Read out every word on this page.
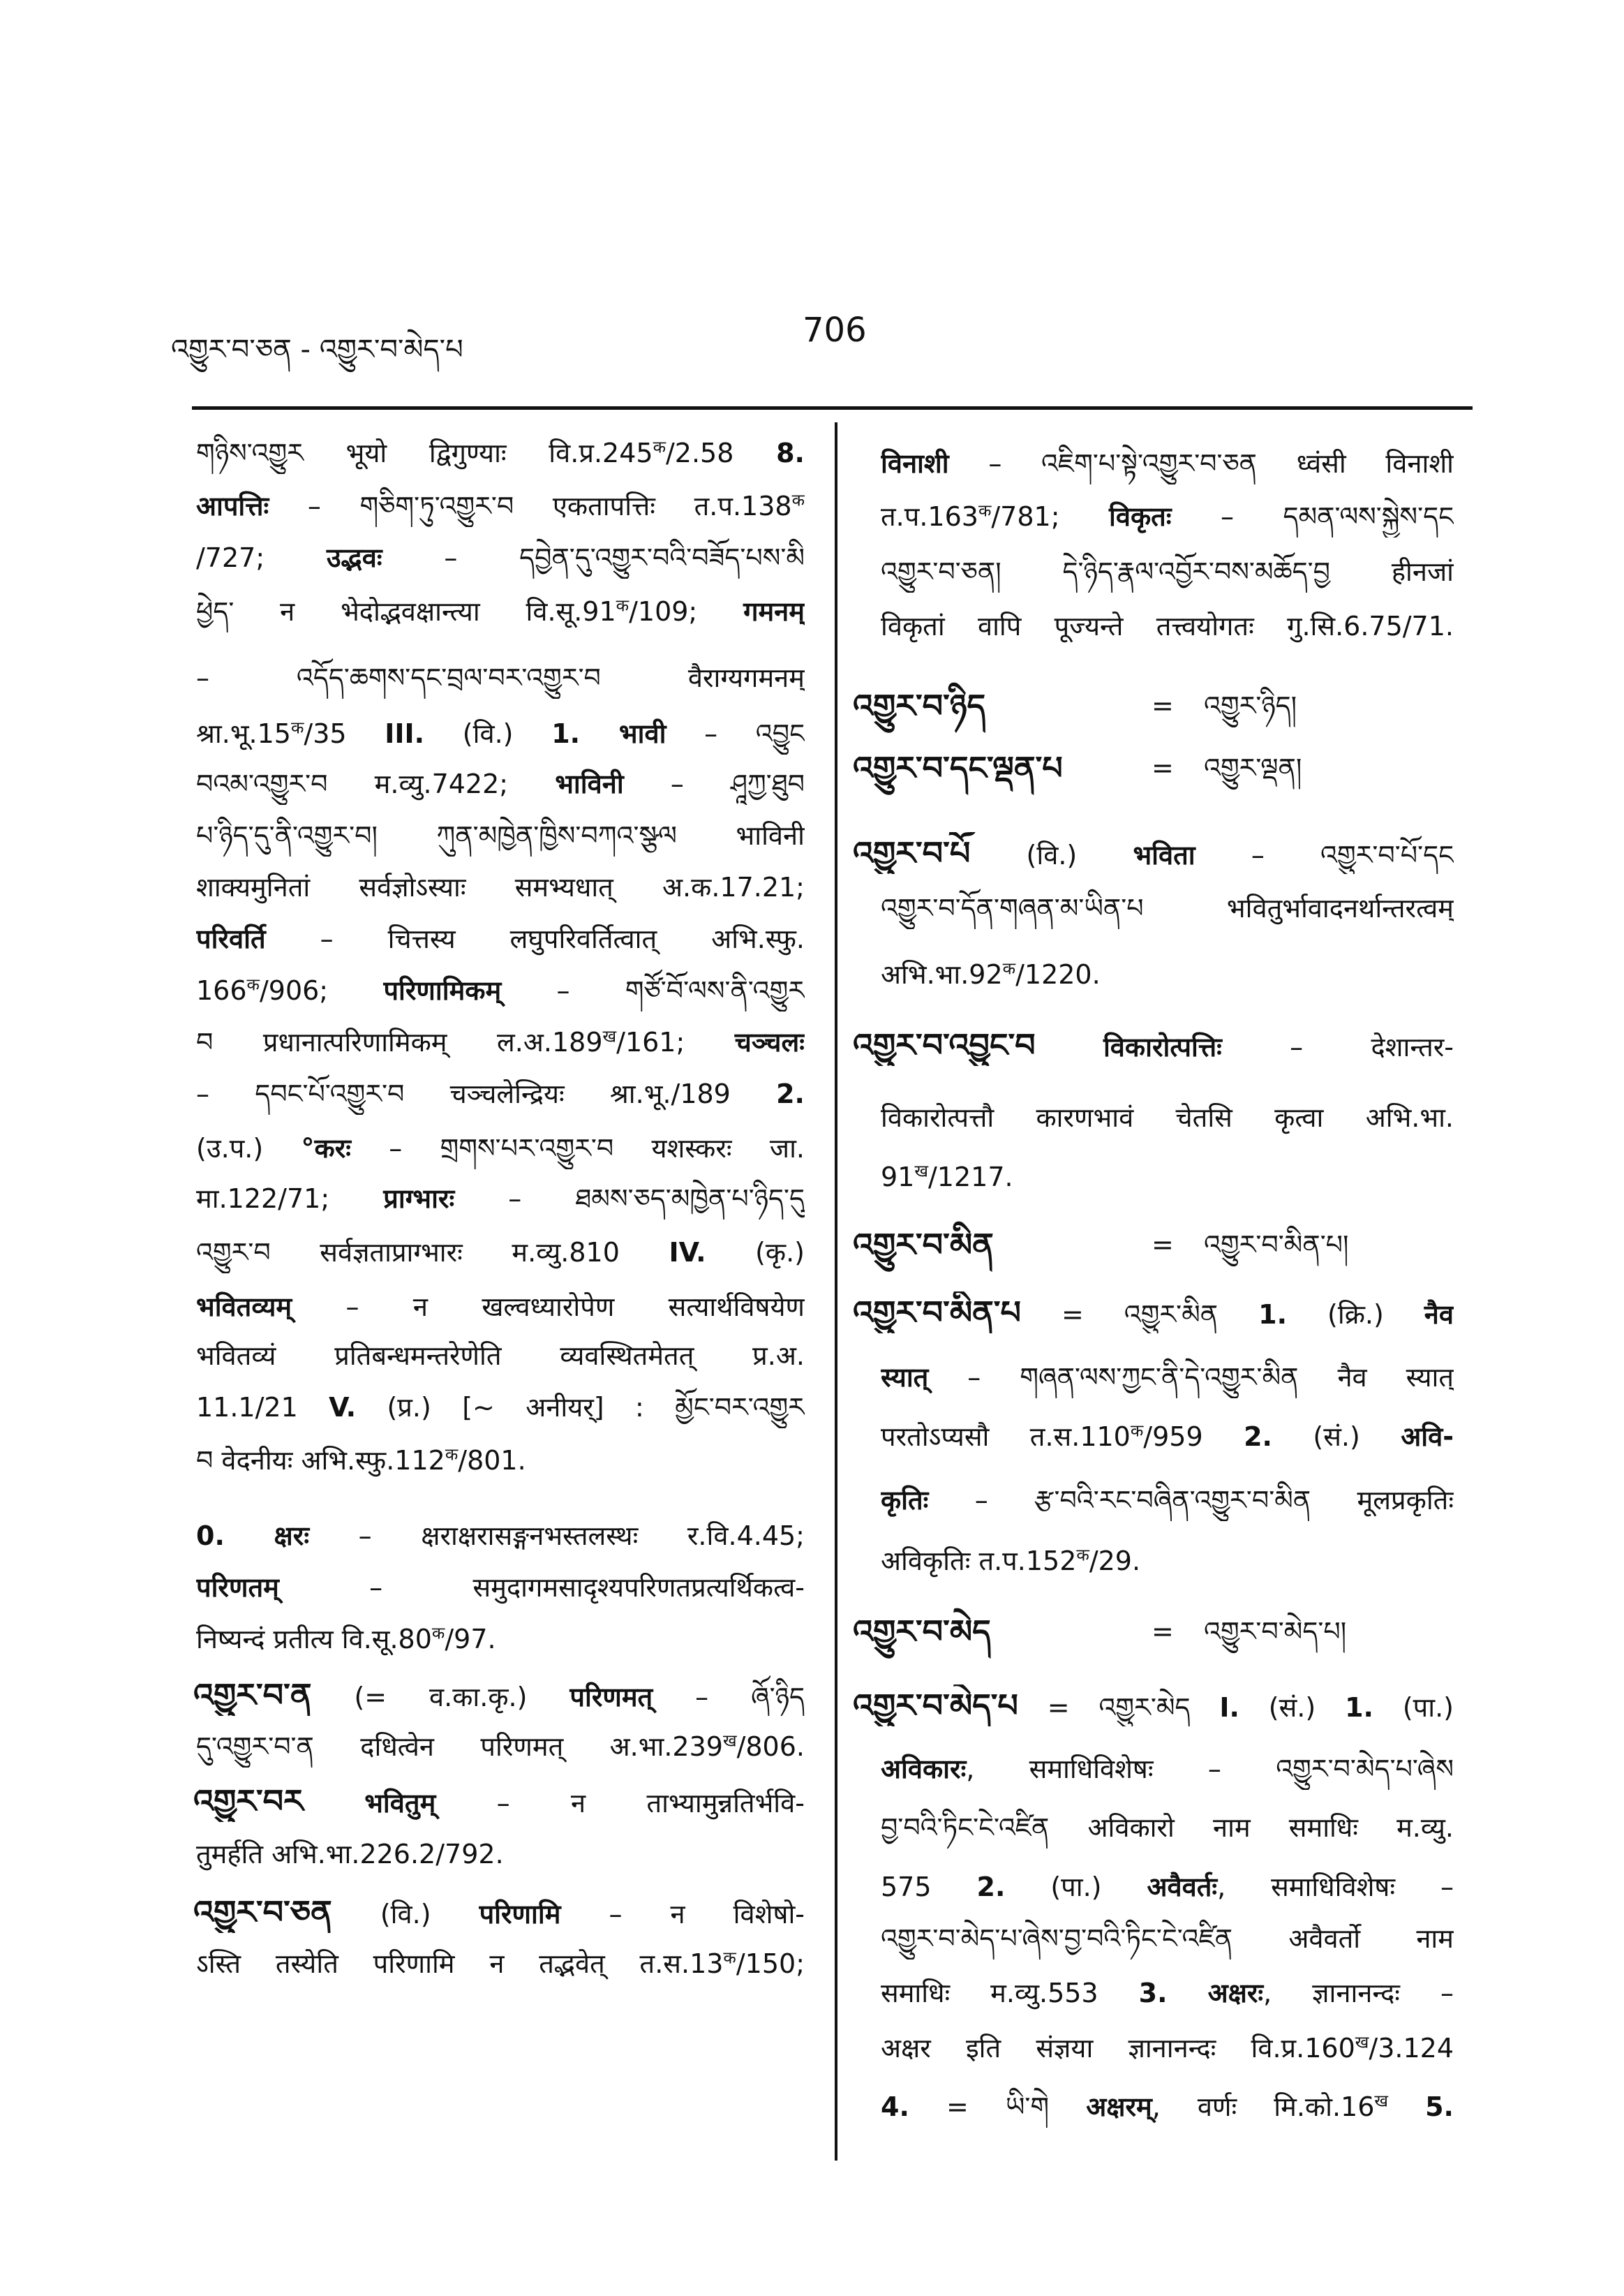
འགྱུར་བ་ཅན - འགྱུར་བ་མེད་པ	706
གཉིས་འགྱུར भूयो द्विगुण्याः $वि.प्र.245^क/2.58$ 8.
आपत्तिः – གཅིག་ཏུ་འགྱུར་བ एकतापत्तिः $त.प.138^क$
/727; उद्भवः – དབྱེན་དུ་འགྱུར་བའི་བཟོད་པས་མི
ཕྱེད་ न भेदोद्भवक्षान्त्या $वि.सू.91^क/109$; गमनम्
– འདོད་ཆགས་དང་བྲལ་བར་འགྱུར་བ वैराग्यगमनम्
$श्रा.भू.15^क/35$ III. (वि.) 1. भावी – འབྱུང
བའམ་འགྱུར་བ म.व्यु.7422; भाविनी – ཤཱཀྱ་ཐུབ
པ་ཉིད་དུ་ནི་འགྱུར་བ། ཀུན་མཁྱེན་ཁྱིས་བཀའ་སྩལ भाविनी
शाक्यमुनितां सर्वज्ञोऽस्याः समभ्यधात् अ.क.17.21;
परिवर्ति – चित्तस्य लघुपरिवर्तित्वात् अभि.स्फु.
$166^क/906$; परिणामिकम् – གཙོ་བོ་ལས་ནི་འགྱུར
བ प्रधानात्परिणामिकम् $ल.अ.189^ख/161$; चञ्चलः
– དབང་པོ་འགྱུར་བ चञ्चलेन्द्रियः श्रा.भू./189 2.
(उ.प.) °करः – གྲགས་པར་འགྱུར་བ यशस्करः जा.
मा.122/71; प्राग्भारः – ཐམས་ཅད་མཁྱེན་པ་ཉིད་དུ
འགྱུར་བ सर्वज्ञताप्राग्भारः म.व्यु.810 IV. (कृ.)
भवितव्यम् – न खल्वध्यारोपेण सत्यार्थविषयेण
भवितव्यं प्रतिबन्धमन्तरेणेति व्यवस्थितमेतत् प्र.अ.
11.1/21 V. (प्र.) [~ अनीयर्] : མྱོང་བར་འགྱུར
བ वेदनीयः $अभि.स्फु.112^क/801$.
0. क्षरः – क्षराक्षरासङ्गनभस्तलस्थः र.वि.4.45;
परिणतम् – समुदागमसादृश्यपरिणतप्रत्यर्थिकत्व-
निष्यन्दं प्रतीत्य $वि.सू.80^क/97$.
འགྱུར་བ་ན (= व.का.कृ.) परिणमत् – ཞོ་ཉིད
དུ་འགྱུར་བ་ན दधित्वेन परिणमत् $अ.भा.239^ख/806$.
འགྱུར་བར भवितुम् – न ताभ्यामुन्नतिर्भवि-
तुमर्हति अभि.भा.226.2/792.
འགྱུར་བ་ཅན (वि.) परिणामि – न विशेषो-
ऽस्ति तस्येति परिणामि न तद्भवेत् $त.स.13^क/150$;
विनाशी – འཇིག་པ་སྟེ་འགྱུར་བ་ཅན ध्वंसी विनाशी
$त.प.163^क/781$; विकृतः – དམན་ལས་སྐྱེས་དང
འགྱུར་བ་ཅན། དེ་ཉིད་རྣལ་འབྱོར་བས་མཆོད་བྱ हीनजां
विकृतां वापि पूज्यन्ते तत्त्वयोगतः गु.सि.6.75/71.
འགྱུར་བ་ཉིད	= འགྱུར་ཉིད།
འགྱུར་བ་དང་ལྡན་པ	= འགྱུར་ལྡན།
འགྱུར་བ་པོ (वि.) भविता – འགྱུར་བ་པོ་དང
འགྱུར་བ་དོན་གཞན་མ་ཡིན་པ भवितुर्भावादनर्थान्तरत्वम्
$अभि.भा.92^क/1220$.
འགྱུར་བ་འབྱུང་བ	विकारोत्पत्तिः – देशान्तर-
विकारोत्पत्तौ कारणभावं चेतसि कृत्वा अभि.भा.
$91^ख/1217$.
འགྱུར་བ་མིན	= འགྱུར་བ་མིན་པ།
འགྱུར་བ་མིན་པ = འགྱུར་མིན 1. (क्रि.) नैव
स्यात् – གཞན་ལས་ཀྱང་ནི་དེ་འགྱུར་མིན नैव स्यात्
परतोऽप्यसौ $त.स.110^क/959$ 2. (सं.) अवि-
कृतिः – རྩ་བའི་རང་བཞིན་འགྱུར་བ་མིན मूलप्रकृतिः
अविकृतिः $त.प.152^क/29$.
འགྱུར་བ་མེད	= འགྱུར་བ་མེད་པ།
འགྱུར་བ་མེད་པ = འགྱུར་མེད I. (सं.) 1. (पा.)
अविकारः, समाधिविशेषः – འགྱུར་བ་མེད་པ་ཞེས
བྱ་བའི་ཏིང་ངེ་འཛིན अविकारो नाम समाधिः म.व्यु.
575 2. (पा.) अवैवर्तः, समाधिविशेषः –
འགྱུར་བ་མེད་པ་ཞེས་བྱ་བའི་ཏིང་ངེ་འཛིན अवैवर्तो नाम
समाधिः म.व्यु.553 3. अक्षरः, ज्ञानानन्दः –
अक्षर इति संज्ञया ज्ञानानन्दः $वि.प्र.160^ख/3.124$
4. = ཡི་གེ अक्षरम्, वर्णः $मि.को.16^ख$ 5.
